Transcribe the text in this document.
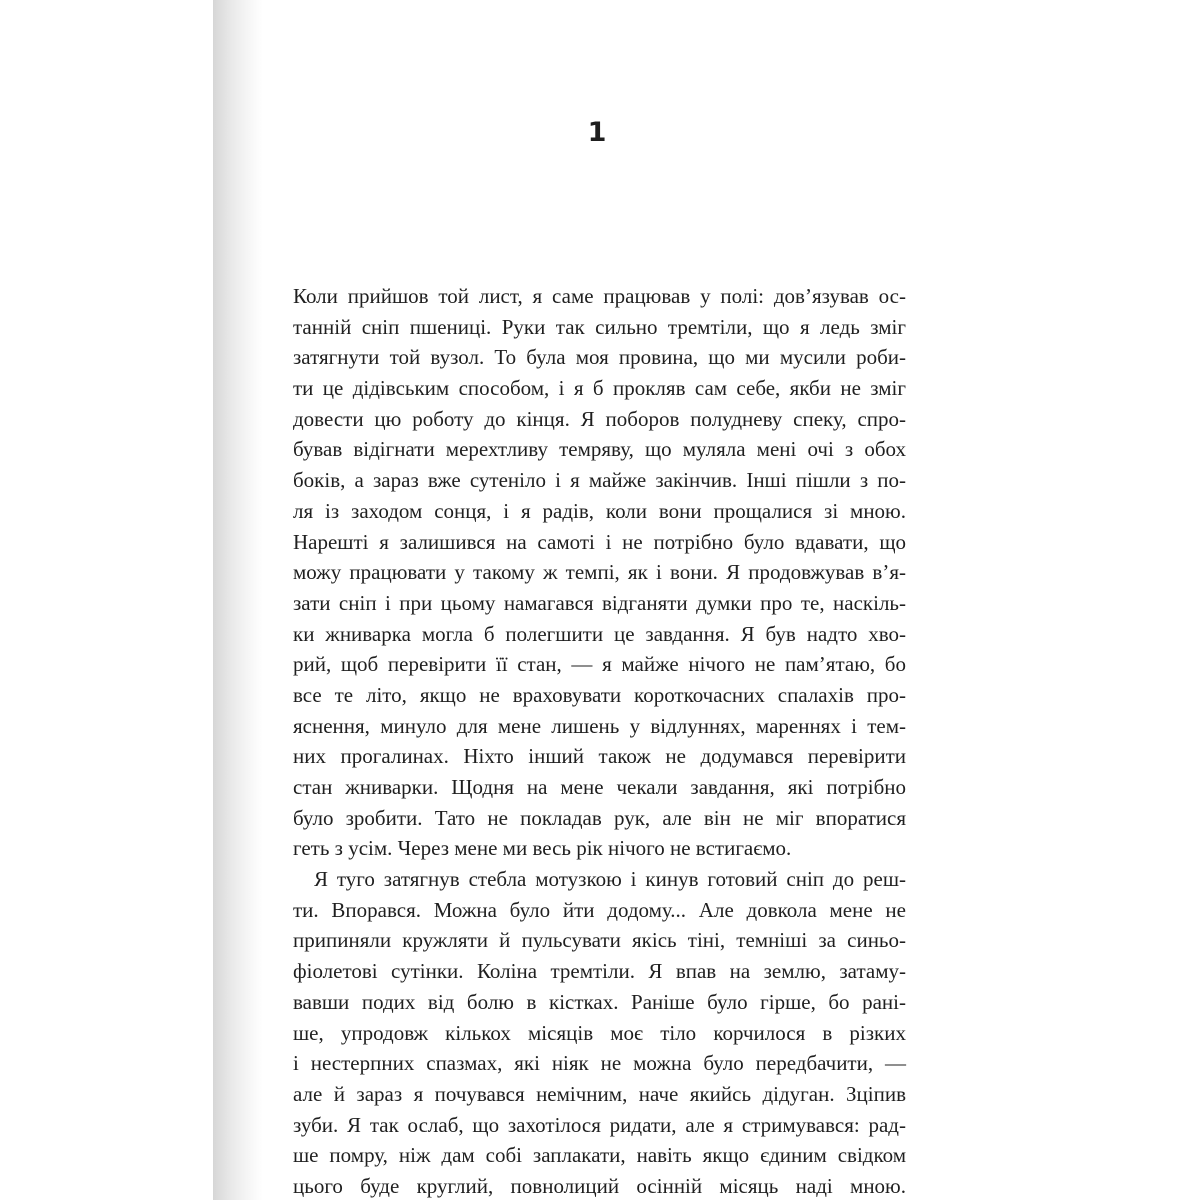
1
Коли прийшов той лист, я саме працював у полі: дов’язував ос-
танній сніп пшениці. Руки так сильно тремтіли, що я ледь зміг
затягнути той вузол. То була моя провина, що ми мусили роби-
ти це дідівським способом, і я б прокляв сам себе, якби не зміг
довести цю роботу до кінця. Я поборов полудневу спеку, спро-
бував відігнати мерехтливу темряву, що муляла мені очі з обох
боків, а зараз вже сутеніло і я майже закінчив. Інші пішли з по-
ля із заходом сонця, і я радів, коли вони прощалися зі мною.
Нарешті я залишився на самоті і не потрібно було вдавати, що
можу працювати у такому ж темпі, як і вони. Я продовжував в’я-
зати сніп і при цьому намагався відганяти думки про те, наскіль-
ки жниварка могла б полегшити це завдання. Я був надто хво-
рий, щоб перевірити її стан, — я майже нічого не пам’ятаю, бо
все те літо, якщо не враховувати короткочасних спалахів про-
яснення, минуло для мене лишень у відлуннях, мареннях і тем-
них прогалинах. Ніхто інший також не додумався перевірити
стан жниварки. Щодня на мене чекали завдання, які потрібно
було зробити. Тато не покладав рук, але він не міг впоратися
геть з усім. Через мене ми весь рік нічого не встигаємо.
Я туго затягнув стебла мотузкою і кинув готовий сніп до реш-
ти. Впорався. Можна було йти додому... Але довкола мене не
припиняли кружляти й пульсувати якісь тіні, темніші за синьо-
фіолетові сутінки. Коліна тремтіли. Я впав на землю, затаму-
вавши подих від болю в кістках. Раніше було гірше, бо рані-
ше, упродовж кількох місяців моє тіло корчилося в різких
і нестерпних спазмах, які ніяк не можна було передбачити, —
але й зараз я почувався немічним, наче якийсь дідуган. Зціпив
зуби. Я так ослаб, що захотілося ридати, але я стримувався: рад-
ше помру, ніж дам собі заплакати, навіть якщо єдиним свідком
цього буде круглий, повнолиций осінній місяць наді мною.
